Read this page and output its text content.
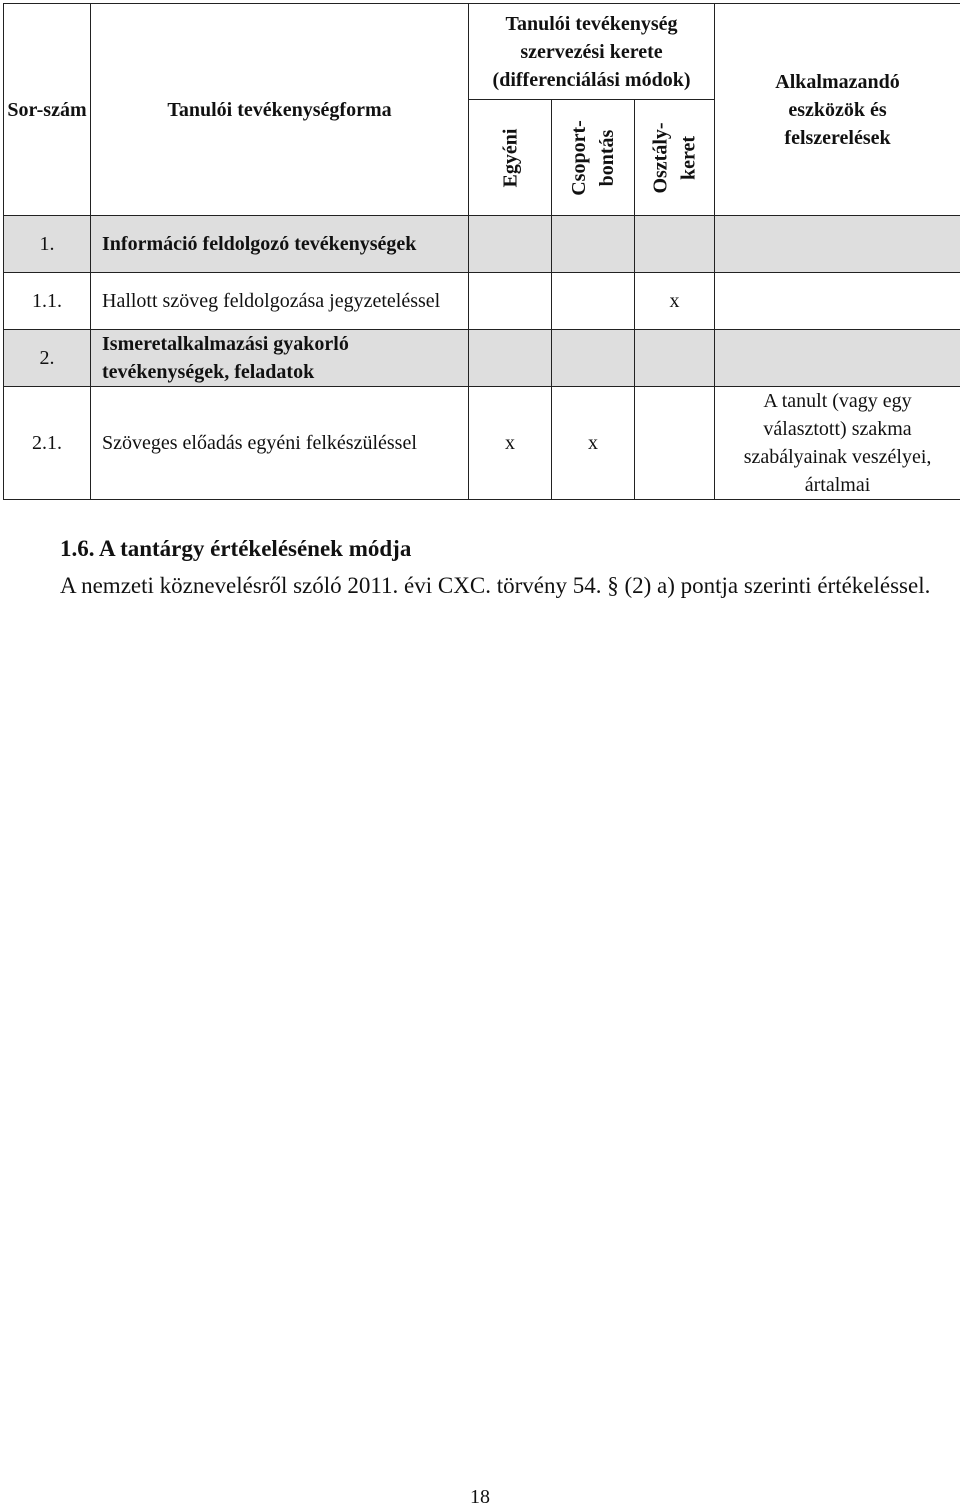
Sor-szám	Tanulói tevékenységforma	Tanulói tevékenység szervezési kerete (differenciálási módok)			Alkalmazandó eszközök és felszerelések

		Egyéni	Csoport- bontás	Osztály- keret	

1.	Információ feldolgozó tevékenységek				
1.1.	Hallott szöveg feldolgozása jegyzeteléssel			x	
2.	Ismeretalkalmazási gyakorló tevékenységek, feladatok				
2.1.	Szöveges előadás egyéni felkészüléssel	x	x		A tanult (vagy egy választott) szakma szabályainak veszélyei, ártalmai
1.6. A tantárgy értékelésének módja
A nemzeti köznevelésről szóló 2011. évi CXC. törvény 54. § (2) a) pontja szerinti értékeléssel.
18
